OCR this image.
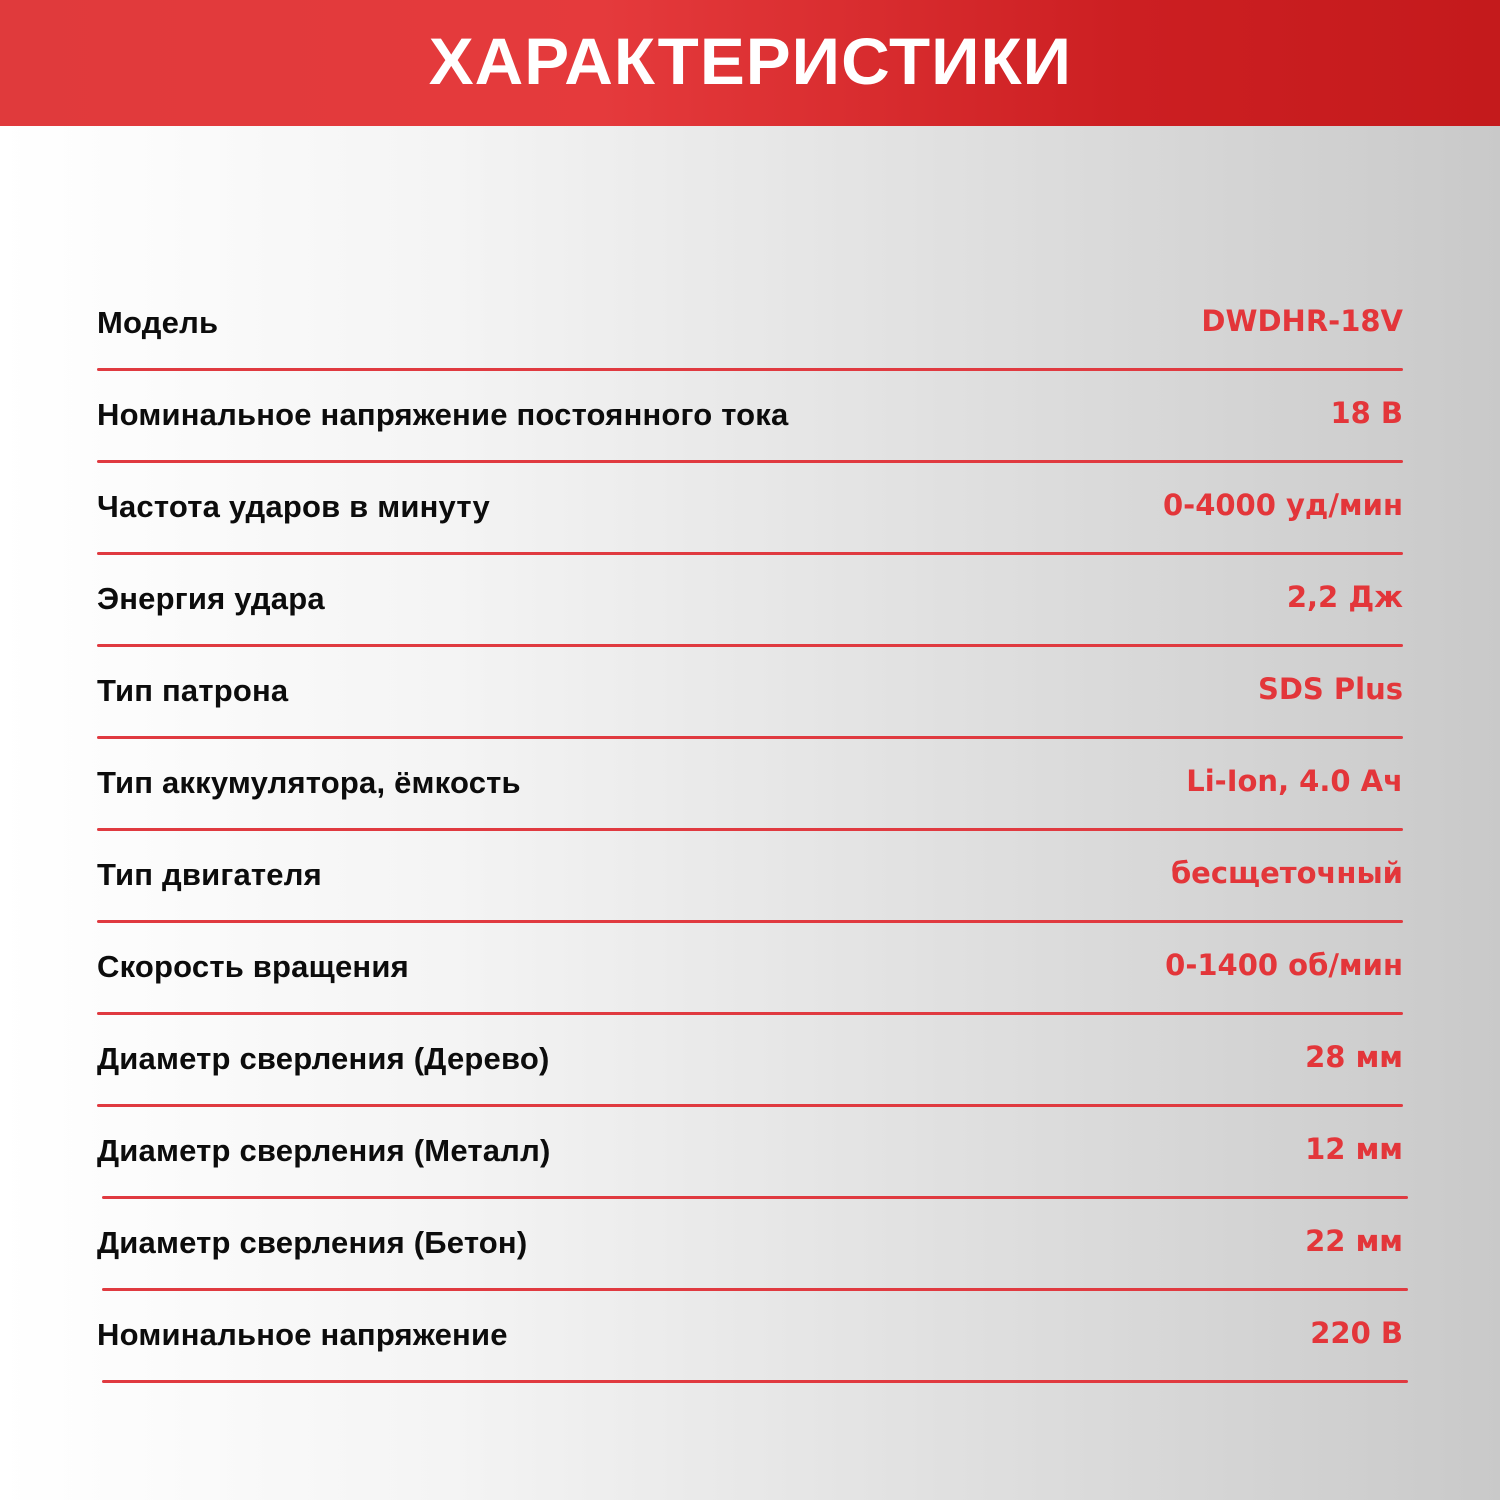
ХАРАКТЕРИСТИКИ
Модель	DWDHR-18V
Номинальное напряжение постоянного тока	18 В
Частота ударов в минуту	0-4000 уд/мин
Энергия удара	2,2 Дж
Тип патрона	SDS Plus
Тип аккумулятора, ёмкость	Li-Ion, 4.0 Ач
Тип двигателя	бесщеточный
Скорость вращения	0-1400 об/мин
Диаметр сверления (Дерево)	28 мм
Диаметр сверления (Металл)	12 мм
Диаметр сверления (Бетон)	22 мм
Номинальное напряжение	220 В
